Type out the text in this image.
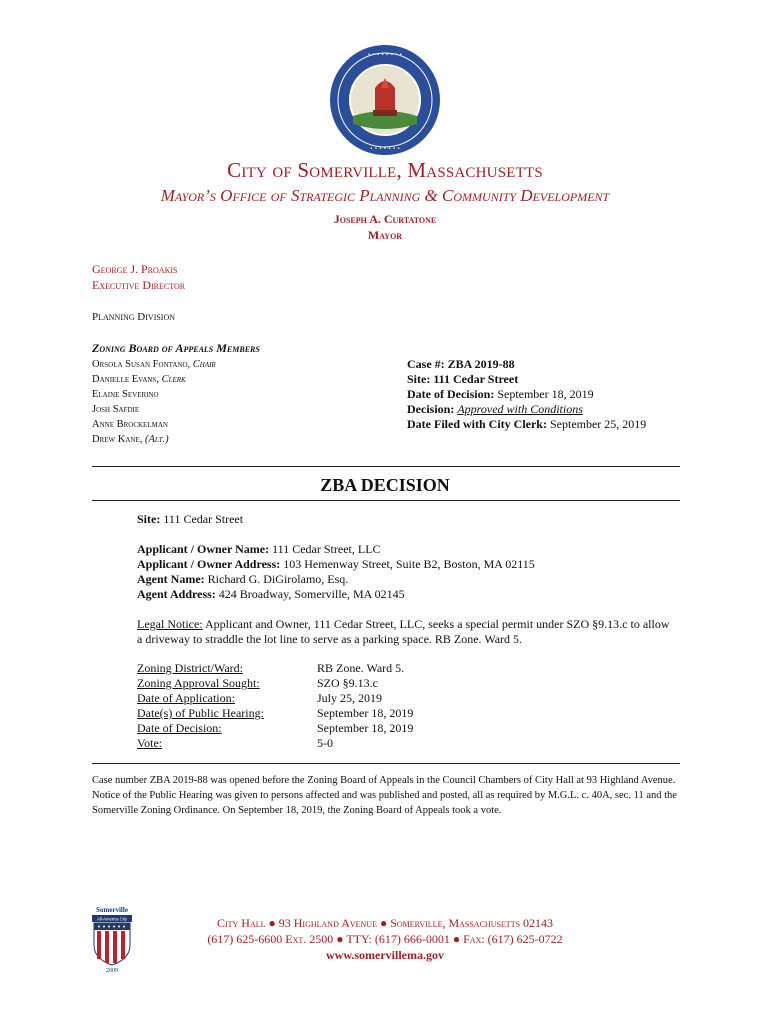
• • • • • • • •
• • • • • • •
City of Somerville, Massachusetts
Mayor’s Office of Strategic Planning & Community Development
Joseph A. Curtatone
Mayor
George J. Proakis
Executive Director
Planning Division
Zoning Board of Appeals Members
Orsola Susan Fontano, Chair
Danielle Evans, Clerk
Elaine Severino
Josh Safdie
Anne Brockelman
Drew Kane, (Alt.)
Case #: ZBA 2019-88
Site: 111 Cedar Street
Date of Decision: September 18, 2019
Decision: Approved with Conditions
Date Filed with City Clerk: September 25, 2019
ZBA DECISION
Site: 111 Cedar Street
Applicant / Owner Name: 111 Cedar Street, LLC
Applicant / Owner Address: 103 Hemenway Street, Suite B2, Boston, MA 02115
Agent Name: Richard G. DiGirolamo, Esq.
Agent Address: 424 Broadway, Somerville, MA 02145
Legal Notice: Applicant and Owner, 111 Cedar Street, LLC, seeks a special permit under SZO §9.13.c to allow a driveway to straddle the lot line to serve as a parking space. RB Zone. Ward 5.
Zoning District/Ward:
Zoning Approval Sought:
Date of Application:
Date(s) of Public Hearing:
Date of Decision:
Vote:
RB Zone. Ward 5.
SZO §9.13.c
July 25, 2019
September 18, 2019
September 18, 2019
5-0
Case number ZBA 2019-88 was opened before the Zoning Board of Appeals in the Council Chambers of City Hall at 93 Highland Avenue. Notice of the Public Hearing was given to persons affected and was published and posted, all as required by M.G.L. c. 40A, sec. 11 and the Somerville Zoning Ordinance. On September 18, 2019, the Zoning Board of Appeals took a vote.
Somerville
All-America City
2009
City Hall ● 93 Highland Avenue ● Somerville, Massachusetts 02143
(617) 625-6600 Ext. 2500 ● TTY: (617) 666-0001 ● Fax: (617) 625-0722
www.somervillema.gov
